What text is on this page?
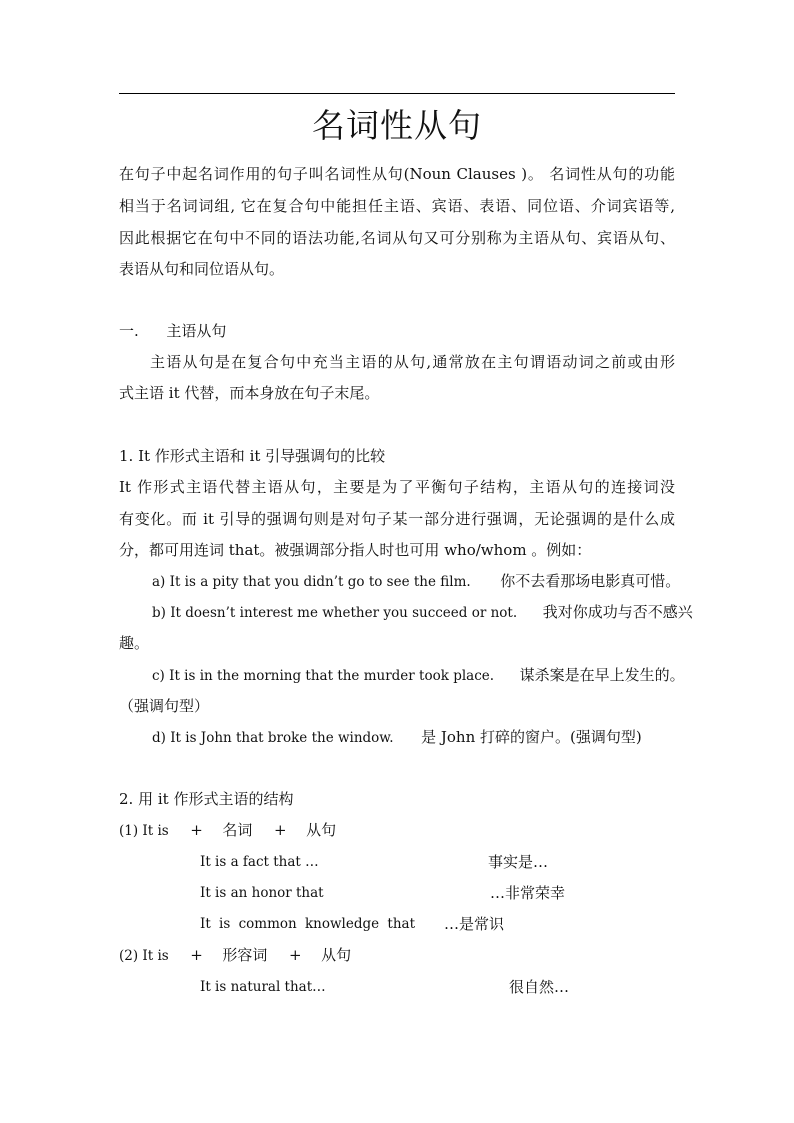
名词性从句
在句子中起名词作用的句子叫名词性从句(Noun Clauses )。 名词性从句的功能
相当于名词词组, 它在复合句中能担任主语、宾语、表语、同位语、介词宾语等,
因此根据它在句中不同的语法功能,名词从句又可分别称为主语从句、宾语从句、
表语从句和同位语从句。
一. 主语从句
主语从句是在复合句中充当主语的从句,通常放在主句谓语动词之前或由形
式主语 it 代替，而本身放在句子末尾。
1. It 作形式主语和 it 引导强调句的比较
It 作形式主语代替主语从句，主要是为了平衡句子结构，主语从句的连接词没
有变化。而 it 引导的强调句则是对句子某一部分进行强调，无论强调的是什么成
分，都可用连词 that。被强调部分指人时也可用 who/whom 。例如：
a) It is a pity that you didn’t go to see the film. 你不去看那场电影真可惜。
b) It doesn’t interest me whether you succeed or not. 我对你成功与否不感兴
趣。
c) It is in the morning that the murder took place. 谋杀案是在早上发生的。
（强调句型）
d) It is John that broke the window. 是 John 打碎的窗户。(强调句型)
2. 用 it 作形式主语的结构
(1) It is + 名词 + 从句
It is a fact that …	事实是…
It is an honor that	…非常荣幸
It is common knowledge that …是常识
(2) It is + 形容词 + 从句
It is natural that…	很自然…
